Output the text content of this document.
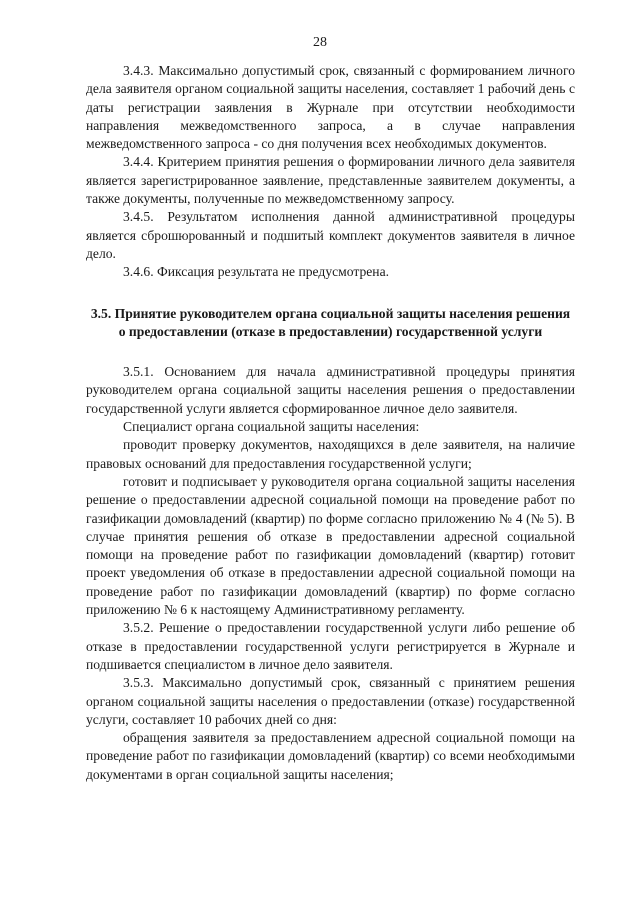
28

3.4.3. Максимально допустимый срок, связанный с формированием личного дела заявителя органом социальной защиты населения, составляет 1 рабочий день с даты регистрации заявления в Журнале при отсутствии необходимости направления межведомственного запроса, а в случае направления межведомственного запроса - со дня получения всех необходимых документов.

3.4.4. Критерием принятия решения о формировании личного дела заявителя является зарегистрированное заявление, представленные заявителем документы, а также документы, полученные по межведомственному запросу.

3.4.5. Результатом исполнения данной административной процедуры является сброшюрованный и подшитый комплект документов заявителя в личное дело.

3.4.6. Фиксация результата не предусмотрена.

3.5. Принятие руководителем органа социальной защиты населения решения о предоставлении (отказе в предоставлении) государственной услуги

3.5.1. Основанием для начала административной процедуры принятия руководителем органа социальной защиты населения решения о предоставлении государственной услуги является сформированное личное дело заявителя.

Специалист органа социальной защиты населения:

проводит проверку документов, находящихся в деле заявителя, на наличие правовых оснований для предоставления государственной услуги;

готовит и подписывает у руководителя органа социальной защиты населения решение о предоставлении адресной социальной помощи на проведение работ по газификации домовладений (квартир) по форме согласно приложению № 4 (№ 5). В случае принятия решения об отказе в предоставлении адресной социальной помощи на проведение работ по газификации домовладений (квартир) готовит проект уведомления об отказе в предоставлении адресной социальной помощи на проведение работ по газификации домовладений (квартир) по форме согласно приложению № 6 к настоящему Административному регламенту.

3.5.2. Решение о предоставлении государственной услуги либо решение об отказе в предоставлении государственной услуги регистрируется в Журнале и подшивается специалистом в личное дело заявителя.

3.5.3. Максимально допустимый срок, связанный с принятием решения органом социальной защиты населения о предоставлении (отказе) государственной услуги, составляет 10 рабочих дней со дня:

обращения заявителя за предоставлением адресной социальной помощи на проведение работ по газификации домовладений (квартир) со всеми необходимыми документами в орган социальной защиты населения;
